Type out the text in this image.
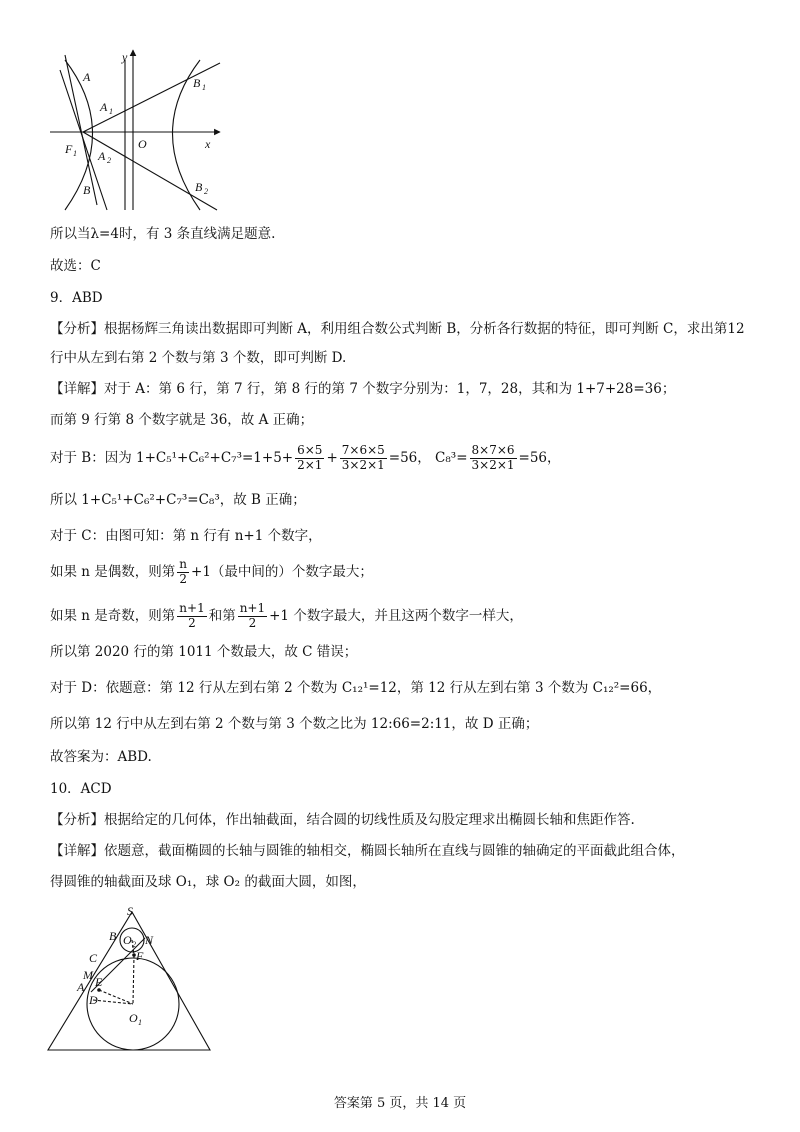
y
A	B 1
A 1
O	x
F 1 A 2
B	B 2
所以当λ=4时，有 3 条直线满足题意.
故选：C
9．ABD
【分析】根据杨辉三角读出数据即可判断 A，利用组合数公式判断 B，分析各行数据的特征，即可判断 C，求出第12
行中从左到右第 2 个数与第 3 个数，即可判断 D.
【详解】对于 A：第 6 行，第 7 行，第 8 行的第 7 个数字分别为：1，7，28，其和为 1+7+28=36；
而第 9 行第 8 个数字就是 36，故 A 正确；
对于 B：因为 $1+C_5^1+C_6^2+C_7^3=1+5+ \frac{6\times 5}{2\times 1} + \frac{7\times 6\times 5}{3\times 2\times 1} =56$， $C_8^3= \frac{8\times 7\times 6}{3\times 2\times 1} =56$，
所以 1+C₅¹+C₆²+C₇³=C₈³，故 B 正确；
对于 C：由图可知：第 n 行有 n+1 个数字，
如果 n 是偶数，则第 $\frac{n}{2} +1$（最中间的）个数字最大；
如果 n 是奇数，则第 $\frac{n+1}{2}$ 和第 $\frac{n+1}{2} +1$ 个数字最大，并且这两个数字一样大，
所以第 2020 行的第 1011 个数最大，故 C 错误；
对于 D：依题意：第 12 行从左到右第 2 个数为 C₁₂¹=12，第 12 行从左到右第 3 个数为 C₁₂²=66，
所以第 12 行中从左到右第 2 个数与第 3 个数之比为 12:66=2:11，故 D 正确；
故答案为：ABD.
10．ACD
【分析】根据给定的几何体，作出轴截面，结合圆的切线性质及勾股定理求出椭圆长轴和焦距作答.
【详解】依题意，截面椭圆的长轴与圆锥的轴相交，椭圆长轴所在直线与圆锥的轴确定的平面截此组合体，
得圆锥的轴截面及球 O₁，球 O₂ 的截面大圆，如图，
S
B O 2 N
C	F
M E
A
D
O 1
答案第 5 页，共 14 页
